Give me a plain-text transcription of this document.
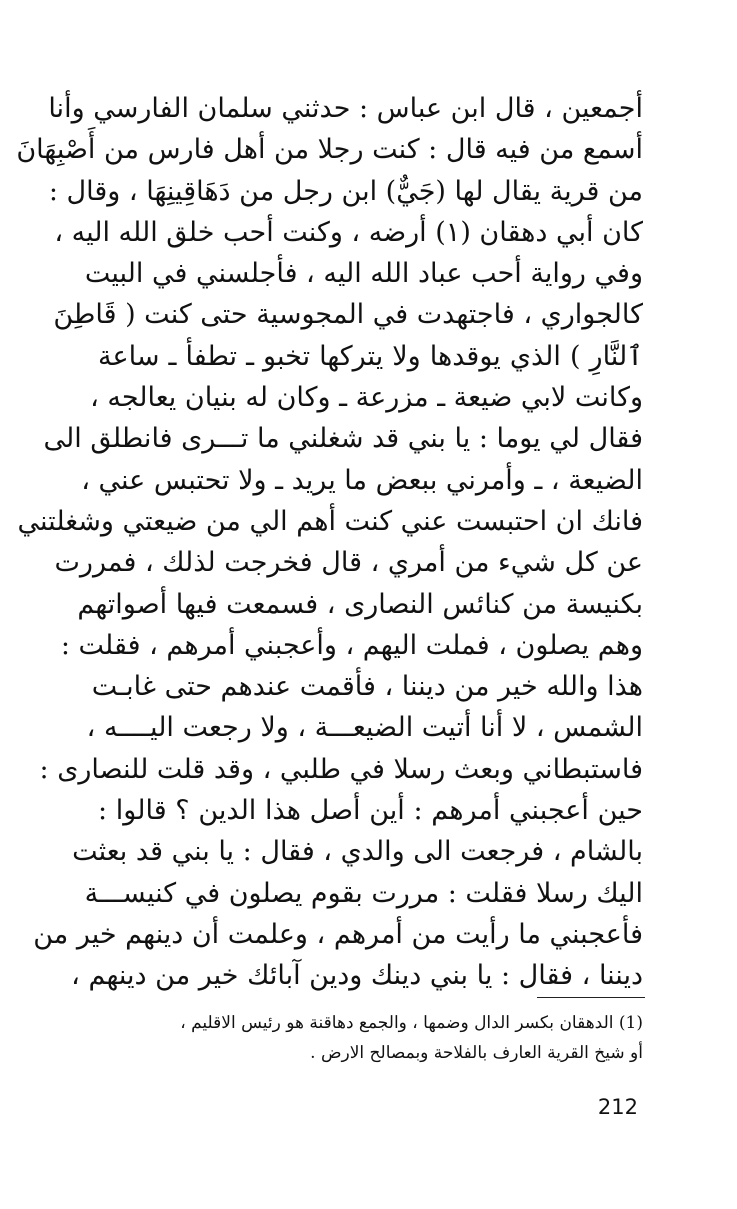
أجمعين ، قال ابن عباس : حدثني سلمان الفارسي وأنا
أسمع من فيه قال : كنت رجلا من أهل فارس من أَصْبِهَانَ
من قرية يقال لها (جَيٌّ) ابن رجل من دَهَاقِينِهَا ، وقال :
كان أبي دهقان (١) أرضه ، وكنت أحب خلق الله اليه ،
وفي رواية أحب عباد الله اليه ، فأجلسني في البيت
كالجواري ، فاجتهدت في المجوسية حتى كنت ( قَاطِنَ
ٱلنَّارِ ) الذي يوقدها ولا يتركها تخبو ـ تطفأ ـ ساعة
وكانت لابي ضيعة ـ مزرعة ـ وكان له بنيان يعالجه ،
فقال لي يوما : يا بني قد شغلني ما تـــرى فانطلق الى
الضيعة ، ـ وأمرني ببعض ما يريد ـ ولا تحتبس عني ،
فانك ان احتبست عني كنت أهم الي من ضيعتي وشغلتني
عن كل شيء من أمري ، قال فخرجت لذلك ، فمررت
بكنيسة من كنائس النصارى ، فسمعت فيها أصواتهم
وهم يصلون ، فملت اليهم ، وأعجبني أمرهم ، فقلت :
هذا والله خير من ديننا ، فأقمت عندهم حتى غابـت
الشمس ، لا أنا أتيت الضيعـــة ، ولا رجعت اليــــه ،
فاستبطاني وبعث رسلا في طلبي ، وقد قلت للنصارى :
حين أعجبني أمرهم : أين أصل هذا الدين ؟ قالوا :
بالشام ، فرجعت الى والدي ، فقال : يا بني قد بعثت
اليك رسلا فقلت : مررت بقوم يصلون في كنيســـة
فأعجبني ما رأيت من أمرهم ، وعلمت أن دينهم خير من
ديننا ، فقال : يا بني دينك ودين آبائك خير من دينهم ،
(1) الدهقان بكسر الدال وضمها ، والجمع دهاقنة هو رئيس الاقليم ،
أو شيخ القرية العارف بالفلاحة وبمصالح الارض .
212
